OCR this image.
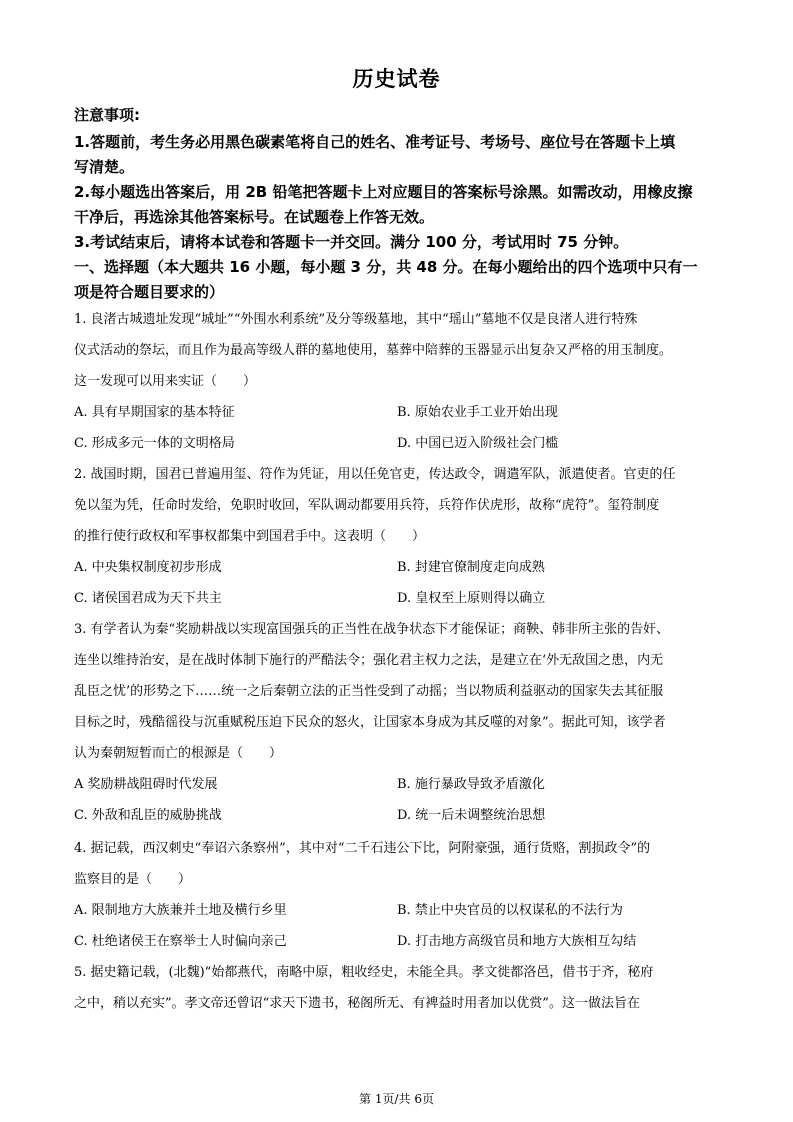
历史试卷
注意事项:
1.答题前，考生务必用黑色碳素笔将自己的姓名、准考证号、考场号、座位号在答题卡上填
写清楚。
2.每小题选出答案后，用 2B 铅笔把答题卡上对应题目的答案标号涂黑。如需改动，用橡皮擦
干净后，再选涂其他答案标号。在试题卷上作答无效。
3.考试结束后，请将本试卷和答题卡一并交回。满分 100 分，考试用时 75 分钟。
一、选择题（本大题共 16 小题，每小题 3 分，共 48 分。在每小题给出的四个选项中只有一
项是符合题目要求的）
1. 良渚古城遗址发现“城址”“外围水利系统”及分等级墓地，其中“瑶山”墓地不仅是良渚人进行特殊
仪式活动的祭坛，而且作为最高等级人群的墓地使用，墓葬中陪葬的玉器显示出复杂又严格的用玉制度。
这一发现可以用来实证（　　）
A. 具有早期国家的基本特征	B. 原始农业手工业开始出现
C. 形成多元一体的文明格局	D. 中国已迈入阶级社会门槛
2. 战国时期，国君已普遍用玺、符作为凭证，用以任免官吏，传达政令，调遣军队，派遣使者。官吏的任
免以玺为凭，任命时发给，免职时收回，军队调动都要用兵符，兵符作伏虎形，故称“虎符”。玺符制度
的推行使行政权和军事权都集中到国君手中。这表明（　　）
A. 中央集权制度初步形成	B. 封建官僚制度走向成熟
C. 诸侯国君成为天下共主	D. 皇权至上原则得以确立
3. 有学者认为秦“奖励耕战以实现富国强兵的正当性在战争状态下才能保证；商鞅、韩非所主张的告奸、
连坐以维持治安，是在战时体制下施行的严酷法令；强化君主权力之法，是建立在‘外无敌国之患，内无
乱臣之忧’的形势之下……统一之后秦朝立法的正当性受到了动摇；当以物质利益驱动的国家失去其征服
目标之时，残酷徭役与沉重赋税压迫下民众的怒火，让国家本身成为其反噬的对象”。据此可知，该学者
认为秦朝短暂而亡的根源是（　　）
A 奖励耕战阻碍时代发展	B. 施行暴政导致矛盾激化
C. 外敌和乱臣的威胁挑战	D. 统一后未调整统治思想
4. 据记载，西汉刺史“奉诏六条察州”，其中对“二千石违公下比，阿附豪强，通行货赂，割损政令”的
监察目的是（　　）
A. 限制地方大族兼并土地及横行乡里	B. 禁止中央官员的以权谋私的不法行为
C. 杜绝诸侯王在察举士人时偏向亲己	D. 打击地方高级官员和地方大族相互勾结
5. 据史籍记载，(北魏)“始都燕代，南略中原，粗收经史，未能全具。孝文徙都洛邑，借书于齐，秘府
之中，稍以充实”。孝文帝还曾诏“求天下遗书，秘阁所无、有裨益时用者加以优赏”。这一做法旨在
第 1页/共 6页
